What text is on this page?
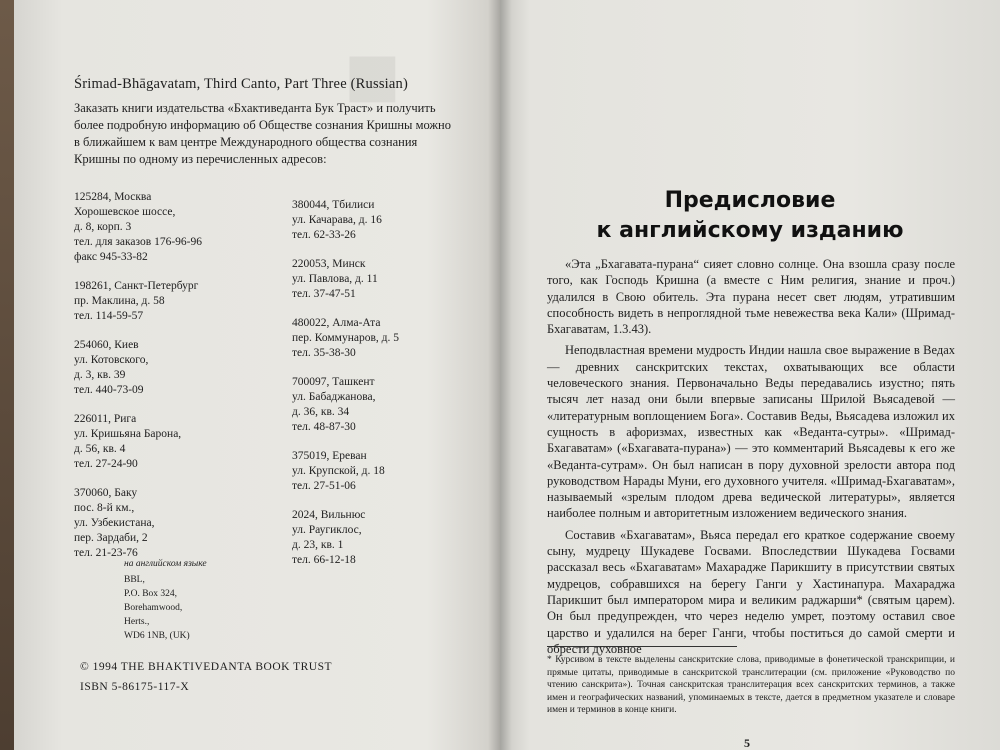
■
Śrimad-Bhāgavatam, Third Canto, Part Three (Russian)
Заказать книги издательства «Бхактиведанта Бук Траст» и получить более подробную информацию об Обществе сознания Кришны можно в ближайшем к вам центре Международного общества сознания Кришны по одному из перечисленных адресов:
125284, Москва
Хорошевское шоссе,
д. 8, корп. 3
тел. для заказов 176-96-96
факс 945-33-82
198261, Санкт-Петербург
пр. Маклина, д. 58
тел. 114-59-57
254060, Киев
ул. Котовского,
д. 3, кв. 39
тел. 440-73-09
226011, Рига
ул. Кришьяна Барона,
д. 56, кв. 4
тел. 27-24-90
370060, Баку
пос. 8-й км.,
ул. Узбекистана,
пер. Зардаби, 2
тел. 21-23-76
380044, Тбилиси
ул. Качарава, д. 16
тел. 62-33-26
220053, Минск
ул. Павлова, д. 11
тел. 37-47-51
480022, Алма-Ата
пер. Коммунаров, д. 5
тел. 35-38-30
700097, Ташкент
ул. Бабаджанова,
д. 36, кв. 34
тел. 48-87-30
375019, Ереван
ул. Крупской, д. 18
тел. 27-51-06
2024, Вильнюс
ул. Раугиклос,
д. 23, кв. 1
тел. 66-12-18
на английском языке
BBL,
P.O. Box 324,
Borehamwood,
Herts.,
WD6 1NB, (UK)
© 1994 THE BHAKTIVEDANTA BOOK TRUST
ISBN 5-86175-117-X
Предисловие
к английскому изданию

«Эта „Бхагавата-пурана“ сияет словно солнце. Она взошла сразу после того, как Господь Кришна (а вместе с Ним религия, знание и проч.) удалился в Свою обитель. Эта пурана несет свет людям, утратившим способность видеть в непроглядной тьме невежества века Кали» (Шримад-Бхагаватам, 1.3.43).

Неподвластная времени мудрость Индии нашла свое выражение в Ведах — древних санскритских текстах, охватывающих все области человеческого знания. Первоначально Веды передавались изустно; пять тысяч лет назад они были впервые записаны Шрилой Вьясадевой — «литературным воплощением Бога». Составив Веды, Вьясадева изложил их сущность в афоризмах, известных как «Веданта-сутры». «Шримад-Бхагаватам» («Бхагавата-пурана») — это комментарий Вьясадевы к его же «Веданта-сутрам». Он был написан в пору духовной зрелости автора под руководством Нарады Муни, его духовного учителя. «Шримад-Бхагаватам», называемый «зрелым плодом древа ведической литературы», является наиболее полным и авторитетным изложением ведического знания.

Составив «Бхагаватам», Вьяса передал его краткое содержание своему сыну, мудрецу Шукадеве Госвами. Впоследствии Шукадева Госвами рассказал весь «Бхагаватам» Махарадже Парикшиту в присутствии святых мудрецов, собравшихся на берегу Ганги у Хастинапура. Махараджа Парикшит был императором мира и великим раджарши* (святым царем). Он был предупрежден, что через неделю умрет, поэтому оставил свое царство и удалился на берег Ганги, чтобы поститься до самой смерти и обрести духовное

* Курсивом в тексте выделены санскритские слова, приводимые в фонетической транскрипции, и прямые цитаты, приводимые в санскритской транслитерации (см. приложение «Руководство по чтению санскрита»). Точная санскритская транслитерация всех санскритских терминов, а также имен и географических названий, упоминаемых в тексте, дается в предметном указателе и словаре имен и терминов в конце книги.
5
